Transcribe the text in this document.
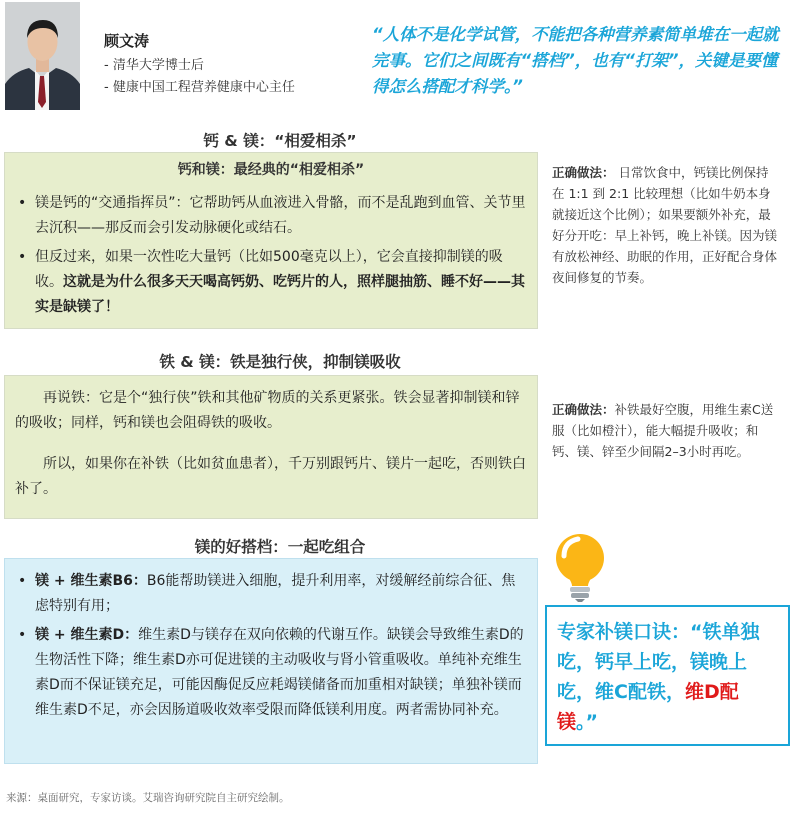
顾文涛
- 清华大学博士后
- 健康中国工程营养健康中心主任
“人体不是化学试管，不能把各种营养素简单堆在一起就完事。它们之间既有“搭档”，也有“打架”，关键是要懂得怎么搭配才科学。”
钙 & 镁：“相爱相杀”
钙和镁：最经典的“相爱相杀”
• 镁是钙的“交通指挥员”：它帮助钙从血液进入骨骼，而不是乱跑到血管、关节里去沉积——那反而会引发动脉硬化或结石。
• 但反过来，如果一次性吃大量钙（比如500毫克以上），它会直接抑制镁的吸收。这就是为什么很多天天喝高钙奶、吃钙片的人，照样腿抽筋、睡不好——其实是缺镁了！
正确做法： 日常饮食中，钙镁比例保持在 1:1 到 2:1 比较理想（比如牛奶本身就接近这个比例）；如果要额外补充，最好分开吃：早上补钙，晚上补镁。因为镁有放松神经、助眠的作用，正好配合身体夜间修复的节奏。
铁 & 镁：铁是独行侠，抑制镁吸收

再说铁：它是个“独行侠”铁和其他矿物质的关系更紧张。铁会显著抑制镁和锌的吸收；同样，钙和镁也会阻碍铁的吸收。

所以，如果你在补铁（比如贫血患者），千万别跟钙片、镁片一起吃，否则铁白补了。

正确做法：补铁最好空腹，用维生素C送服（比如橙汁），能大幅提升吸收；和钙、镁、锌至少间隔2–3小时再吃。
镁的好搭档：一起吃组合
• 镁 + 维生素B6：B6能帮助镁进入细胞，提升利用率，对缓解经前综合征、焦虑特别有用；
• 镁 + 维生素D：维生素D与镁存在双向依赖的代谢互作。缺镁会导致维生素D的生物活性下降；维生素D亦可促进镁的主动吸收与肾小管重吸收。单纯补充维生素D而不保证镁充足，可能因酶促反应耗竭镁储备而加重相对缺镁；单独补镁而维生素D不足，亦会因肠道吸收效率受限而降低镁利用度。两者需协同补充。
专家补镁口诀：“铁单独吃，钙早上吃，镁晚上吃，维C配铁，维D配镁。”
来源：桌面研究，专家访谈。艾瑞咨询研究院自主研究绘制。
